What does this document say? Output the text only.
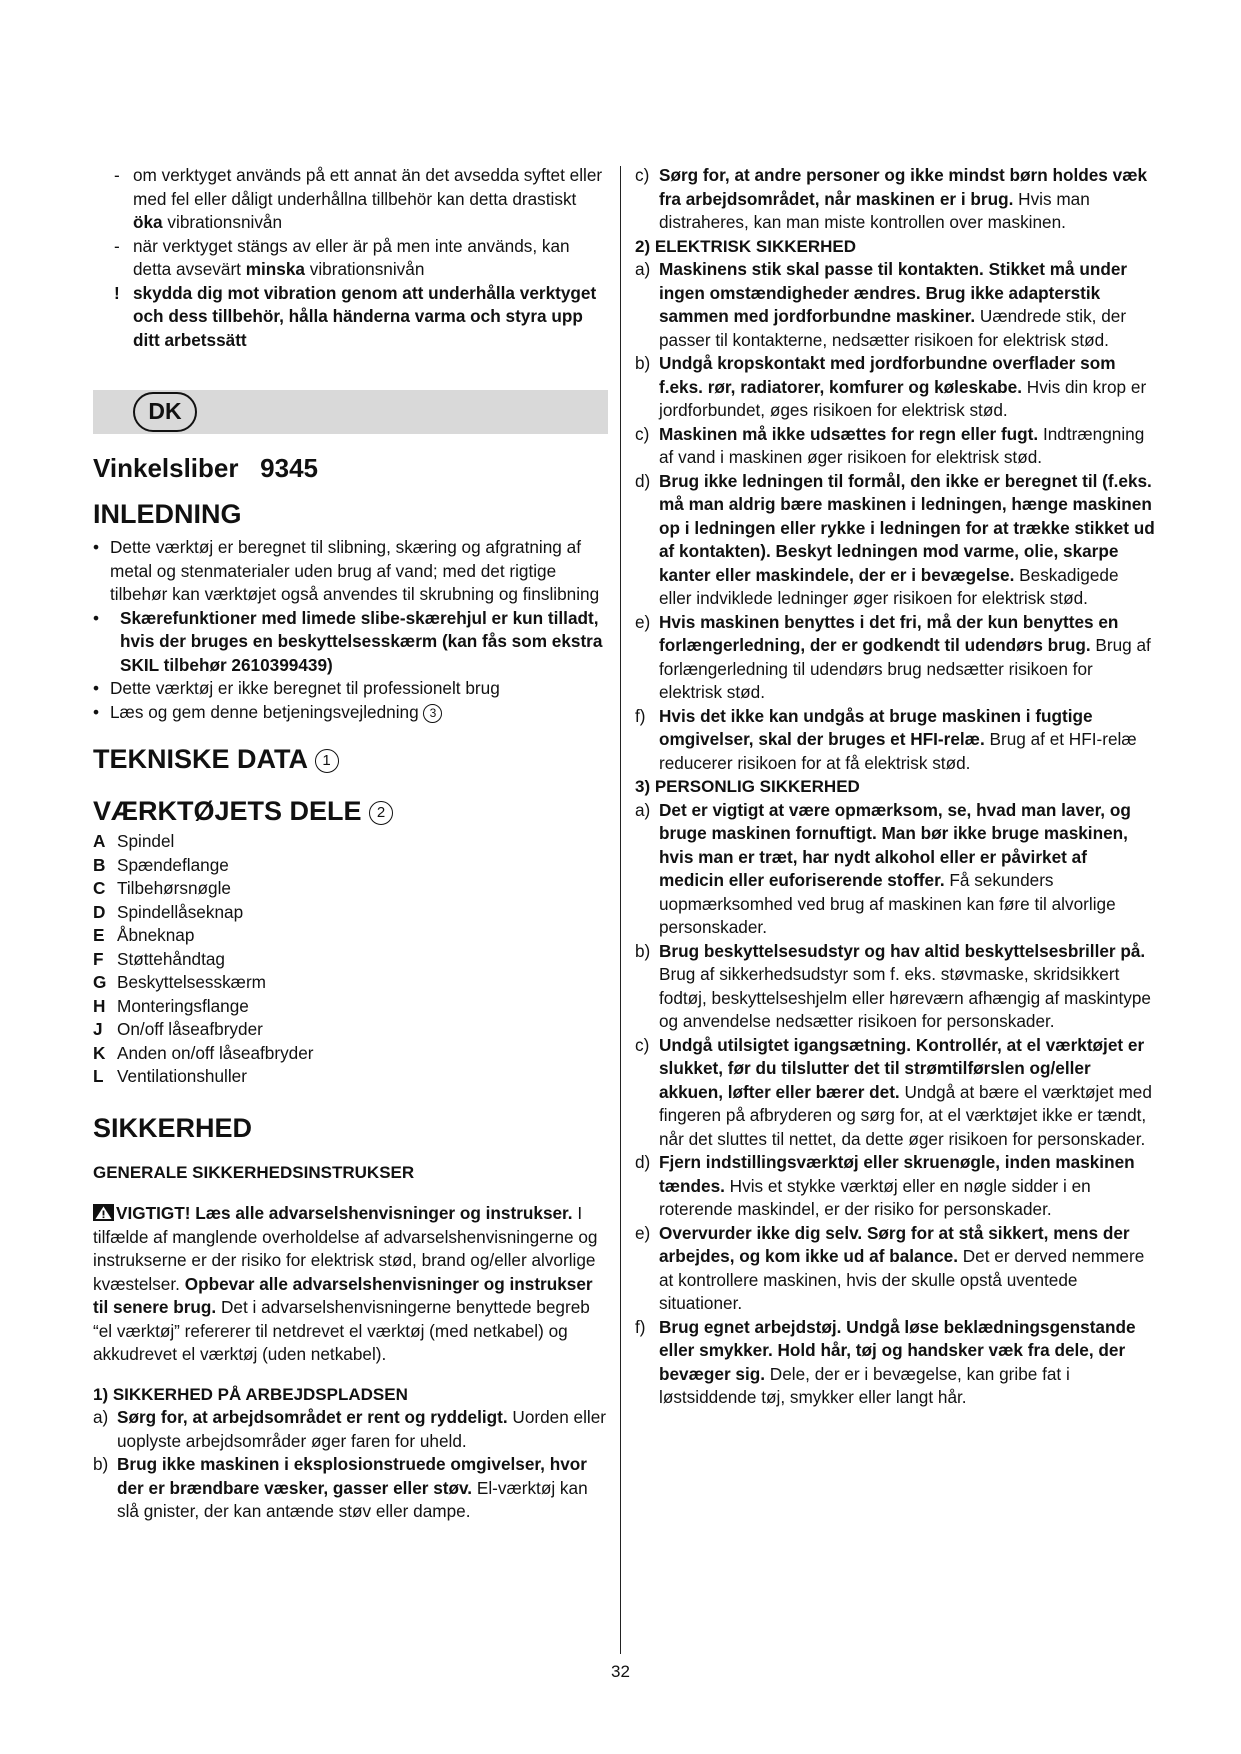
- om verktyget används på ett annat än det avsedda syftet eller med fel eller dåligt underhållna tillbehör kan detta drastiskt öka vibrationsnivån
- när verktyget stängs av eller är på men inte används, kan detta avsevärt minska vibrationsnivån
! skydda dig mot vibration genom att underhålla verktyget och dess tillbehör, hålla händerna varma och styra upp ditt arbetssätt
DK
Vinkelsliber 9345
INLEDNING
• Dette værktøj er beregnet til slibning, skæring og afgratning af metal og stenmaterialer uden brug af vand; med det rigtige tilbehør kan værktøjet også anvendes til skrubning og finslibning
• Skærefunktioner med limede slibe-skærehjul er kun tilladt, hvis der bruges en beskyttelsesskærm (kan fås som ekstra SKIL tilbehør 2610399439)
• Dette værktøj er ikke beregnet til professionelt brug
• Læs og gem denne betjeningsvejledning 3
TEKNISKE DATA 1
VÆRKTØJETS DELE 2
A Spindel
B Spændeflange
C Tilbehørsnøgle
D Spindellåseknap
E Åbneknap
F Støttehåndtag
G Beskyttelsesskærm
H Monteringsflange
J On/off låseafbryder
K Anden on/off låseafbryder
L Ventilationshuller
SIKKERHED
GENERALE SIKKERHEDSINSTRUKSER

VIGTIGT! Læs alle advarselshenvisninger og instrukser. I tilfælde af manglende overholdelse af advarselshenvisningerne og instrukserne er der risiko for elektrisk stød, brand og/eller alvorlige kvæstelser. Opbevar alle advarselshenvisninger og instrukser til senere brug. Det i advarselshenvisningerne benyttede begreb “el værktøj” refererer til netdrevet el værktøj (med netkabel) og akkudrevet el værktøj (uden netkabel).

1) SIKKERHED PÅ ARBEJDSPLADSEN
a) Sørg for, at arbejdsområdet er rent og ryddeligt. Uorden eller uoplyste arbejdsområder øger faren for uheld.
b) Brug ikke maskinen i eksplosionstruede omgivelser, hvor der er brændbare væsker, gasser eller støv. El-værktøj kan slå gnister, der kan antænde støv eller dampe.
c) Sørg for, at andre personer og ikke mindst børn holdes væk fra arbejdsområdet, når maskinen er i brug. Hvis man distraheres, kan man miste kontrollen over maskinen.
2) ELEKTRISK SIKKERHED
a) Maskinens stik skal passe til kontakten. Stikket må under ingen omstændigheder ændres. Brug ikke adapterstik sammen med jordforbundne maskiner. Uændrede stik, der passer til kontakterne, nedsætter risikoen for elektrisk stød.
b) Undgå kropskontakt med jordforbundne overflader som f.eks. rør, radiatorer, komfurer og køleskabe. Hvis din krop er jordforbundet, øges risikoen for elektrisk stød.
c) Maskinen må ikke udsættes for regn eller fugt. Indtrængning af vand i maskinen øger risikoen for elektrisk stød.
d) Brug ikke ledningen til formål, den ikke er beregnet til (f.eks. må man aldrig bære maskinen i ledningen, hænge maskinen op i ledningen eller rykke i ledningen for at trække stikket ud af kontakten). Beskyt ledningen mod varme, olie, skarpe kanter eller maskindele, der er i bevægelse. Beskadigede eller indviklede ledninger øger risikoen for elektrisk stød.
e) Hvis maskinen benyttes i det fri, må der kun benyttes en forlængerledning, der er godkendt til udendørs brug. Brug af forlængerledning til udendørs brug nedsætter risikoen for elektrisk stød.
f) Hvis det ikke kan undgås at bruge maskinen i fugtige omgivelser, skal der bruges et HFI-relæ. Brug af et HFI-relæ reducerer risikoen for at få elektrisk stød.
3) PERSONLIG SIKKERHED
a) Det er vigtigt at være opmærksom, se, hvad man laver, og bruge maskinen fornuftigt. Man bør ikke bruge maskinen, hvis man er træt, har nydt alkohol eller er påvirket af medicin eller euforiserende stoffer. Få sekunders uopmærksomhed ved brug af maskinen kan føre til alvorlige personskader.
b) Brug beskyttelsesudstyr og hav altid beskyttelsesbriller på. Brug af sikkerhedsudstyr som f. eks. støvmaske, skridsikkert fodtøj, beskyttelseshjelm eller høreværn afhængig af maskintype og anvendelse nedsætter risikoen for personskader.
c) Undgå utilsigtet igangsætning. Kontrollér, at el værktøjet er slukket, før du tilslutter det til strømtilførslen og/eller akkuen, løfter eller bærer det. Undgå at bære el værktøjet med fingeren på afbryderen og sørg for, at el værktøjet ikke er tændt, når det sluttes til nettet, da dette øger risikoen for personskader.
d) Fjern indstillingsværktøj eller skruenøgle, inden maskinen tændes. Hvis et stykke værktøj eller en nøgle sidder i en roterende maskindel, er der risiko for personskader.
e) Overvurder ikke dig selv. Sørg for at stå sikkert, mens der arbejdes, og kom ikke ud af balance. Det er derved nemmere at kontrollere maskinen, hvis der skulle opstå uventede situationer.
f) Brug egnet arbejdstøj. Undgå løse beklædningsgenstande eller smykker. Hold hår, tøj og handsker væk fra dele, der bevæger sig. Dele, der er i bevægelse, kan gribe fat i løstsiddende tøj, smykker eller langt hår.
32
